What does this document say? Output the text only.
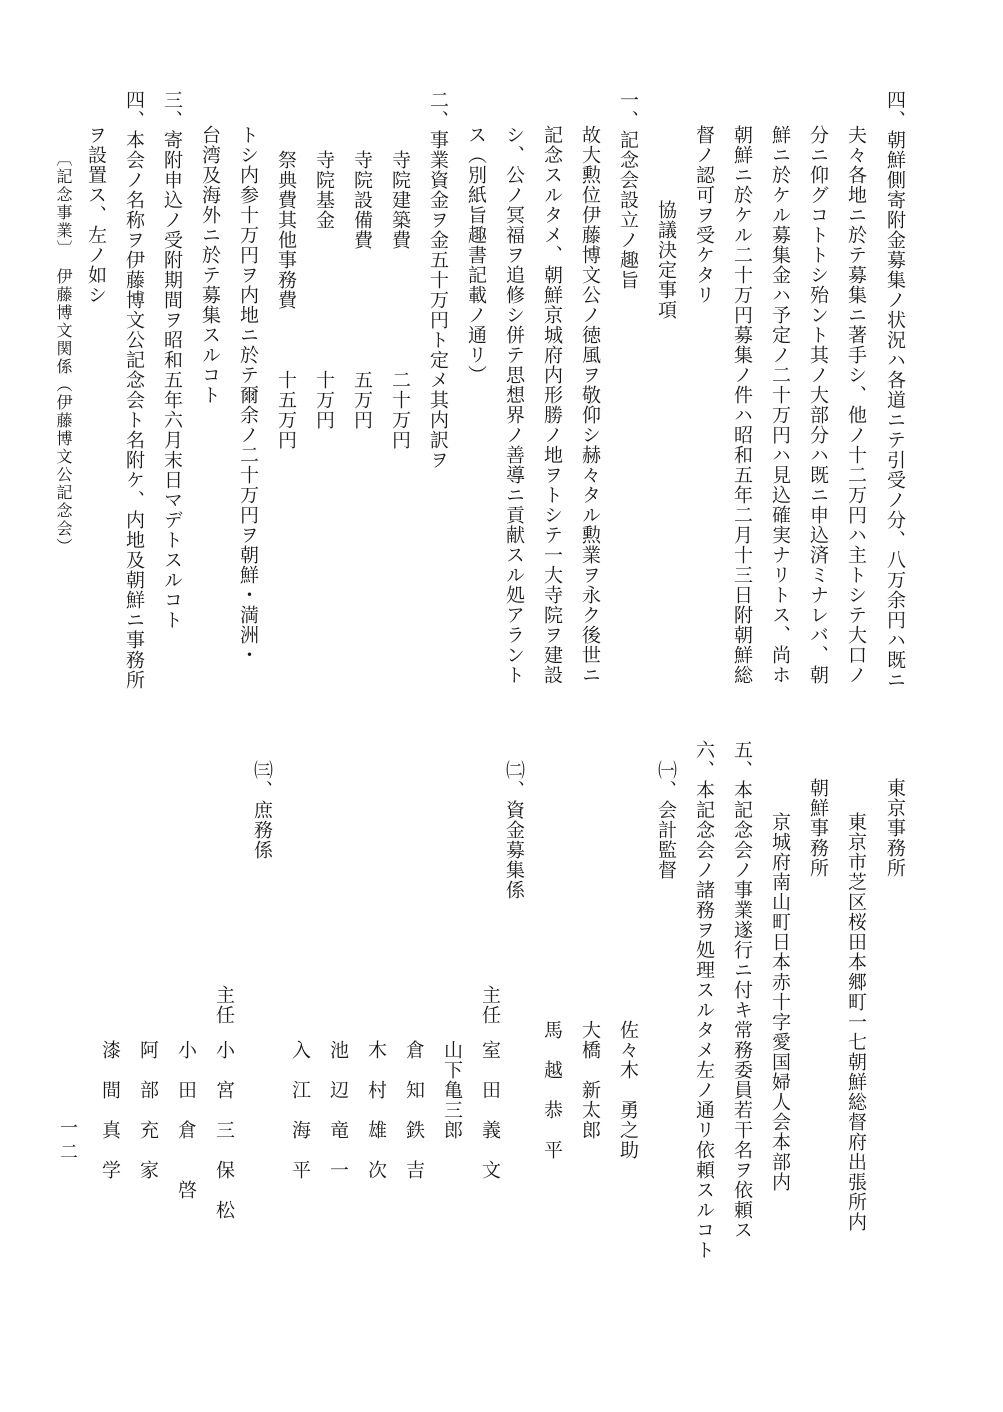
四、朝鮮側寄附金募集ノ状況ハ各道ニテ引受ノ分、八万余円ハ既ニ
夫々各地ニ於テ募集ニ著手シ、他ノ十二万円ハ主トシテ大口ノ
分ニ仰グコトトシ殆ント其ノ大部分ハ既ニ申込済ミナレバ、朝
鮮ニ於ケル募集金ハ予定ノ二十万円ハ見込確実ナリトス、尚ホ
朝鮮ニ於ケル二十万円募集ノ件ハ昭和五年二月十三日附朝鮮総
督ノ認可ヲ受ケタリ
協議決定事項
一、記念会設立ノ趣旨
故大勲位伊藤博文公ノ徳風ヲ敬仰シ赫々タル勲業ヲ永ク後世ニ
記念スルタメ、朝鮮京城府内形勝ノ地ヲトシテ一大寺院ヲ建設
シ、公ノ冥福ヲ追修シ併テ思想界ノ善導ニ貢献スル処アラント
ス（別紙旨趣書記載ノ通リ）
二、事業資金ヲ金五十万円ト定メ其内訳ヲ
寺院建築費　　　　　　二十万円
寺院設備費　　　　　　五万円
寺院基金　　　　　　　十万円
祭典費其他事務費　　　十五万円
トシ内参十万円ヲ内地ニ於テ爾余ノ二十万円ヲ朝鮮・満洲・
台湾及海外ニ於テ募集スルコト
三、寄附申込ノ受附期間ヲ昭和五年六月末日マデトスルコト
四、本会ノ名称ヲ伊藤博文公記念会ト名附ケ、内地及朝鮮ニ事務所
ヲ設置ス、左ノ如シ
〔記念事業〕　伊藤博文関係（伊藤博文公記念会）
東京事務所
東京市芝区桜田本郷町一七朝鮮総督府出張所内
朝鮮事務所
京城府南山町日本赤十字愛国婦人会本部内
五、本記念会ノ事業遂行ニ付キ常務委員若干名ヲ依頼ス
六、本記念会ノ諸務ヲ処理スルタメ左ノ通リ依頼スルコト
㈠、会計監督
佐々木　勇之助
大橋　新太郎
馬　越　恭　平
主任
室　田　義　文
㈡、資金募集係
山下亀三郎
倉　知　鉄　吉
木　村　雄　次
池　辺　竜　一
入　江　海　平
主任
小　宮　三　保　松
㈢、庶務係
小　田　倉　　啓
阿　部　充　家
漆　間　真　学
一二
